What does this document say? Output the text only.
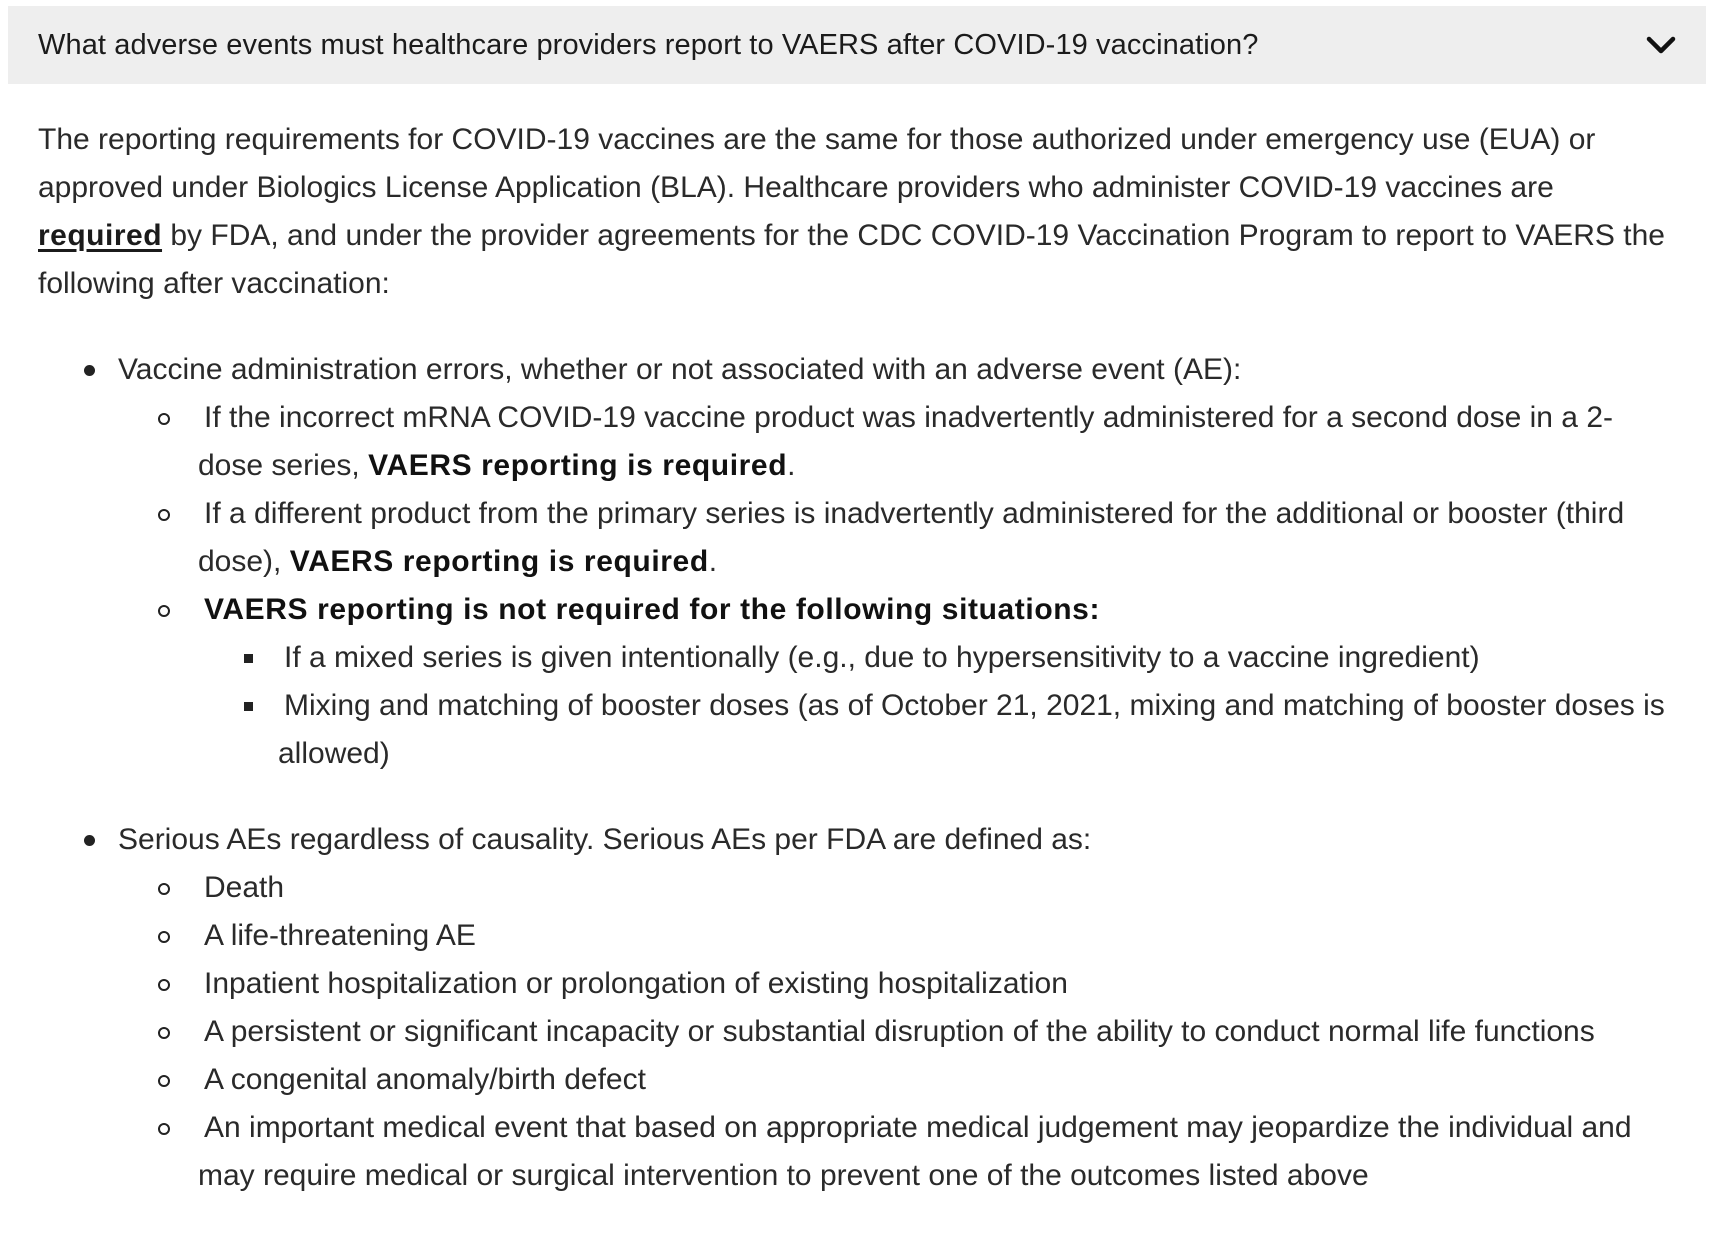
What adverse events must healthcare providers report to VAERS after COVID-19 vaccination?

The reporting requirements for COVID-19 vaccines are the same for those authorized under emergency use (EUA) or approved under Biologics License Application (BLA). Healthcare providers who administer COVID-19 vaccines are required by FDA, and under the provider agreements for the CDC COVID-19 Vaccination Program to report to VAERS the following after vaccination:

Vaccine administration errors, whether or not associated with an adverse event (AE):
If the incorrect mRNA COVID-19 vaccine product was inadvertently administered for a second dose in a 2-dose series, VAERS reporting is required.
If a different product from the primary series is inadvertently administered for the additional or booster (third dose), VAERS reporting is required.
VAERS reporting is not required for the following situations:
If a mixed series is given intentionally (e.g., due to hypersensitivity to a vaccine ingredient)
Mixing and matching of booster doses (as of October 21, 2021, mixing and matching of booster doses is allowed)
Serious AEs regardless of causality. Serious AEs per FDA are defined as:
Death
A life-threatening AE
Inpatient hospitalization or prolongation of existing hospitalization
A persistent or significant incapacity or substantial disruption of the ability to conduct normal life functions
A congenital anomaly/birth defect
An important medical event that based on appropriate medical judgement may jeopardize the individual and may require medical or surgical intervention to prevent one of the outcomes listed above
